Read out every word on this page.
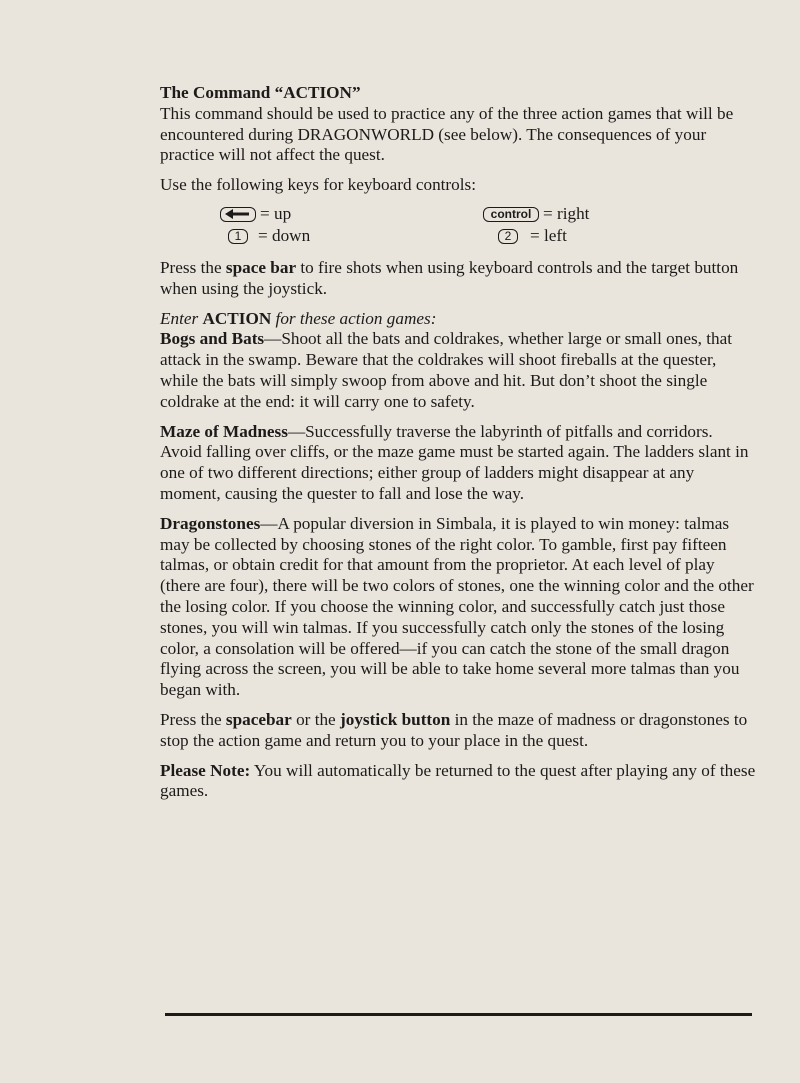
The Command “ACTION”

This command should be used to practice any of the three action games that will be encountered during DRAGONWORLD (see below). The consequences of your practice will not affect the quest.

Use the following keys for keyboard controls:

= up
1 = down
control = right
2	= left

Press the space bar to fire shots when using keyboard controls and the target button when using the joystick.

Enter ACTION for these action games:

Bogs and Bats—Shoot all the bats and coldrakes, whether large or small ones, that attack in the swamp. Beware that the coldrakes will shoot fireballs at the quester, while the bats will simply swoop from above and hit. But don’t shoot the single coldrake at the end: it will carry one to safety.

Maze of Madness—Successfully traverse the labyrinth of pitfalls and corridors. Avoid falling over cliffs, or the maze game must be started again. The ladders slant in one of two different directions; either group of ladders might disappear at any moment, causing the quester to fall and lose the way.

Dragonstones—A popular diversion in Simbala, it is played to win money: talmas may be collected by choosing stones of the right color. To gamble, first pay fifteen talmas, or obtain credit for that amount from the proprietor. At each level of play (there are four), there will be two colors of stones, one the winning color and the other the losing color. If you choose the winning color, and successfully catch just those stones, you will win talmas. If you successfully catch only the stones of the losing color, a consolation will be offered—if you can catch the stone of the small dragon flying across the screen, you will be able to take home several more talmas than you began with.

Press the spacebar or the joystick button in the maze of madness or dragonstones to stop the action game and return you to your place in the quest.

Please Note: You will automatically be returned to the quest after playing any of these games.
